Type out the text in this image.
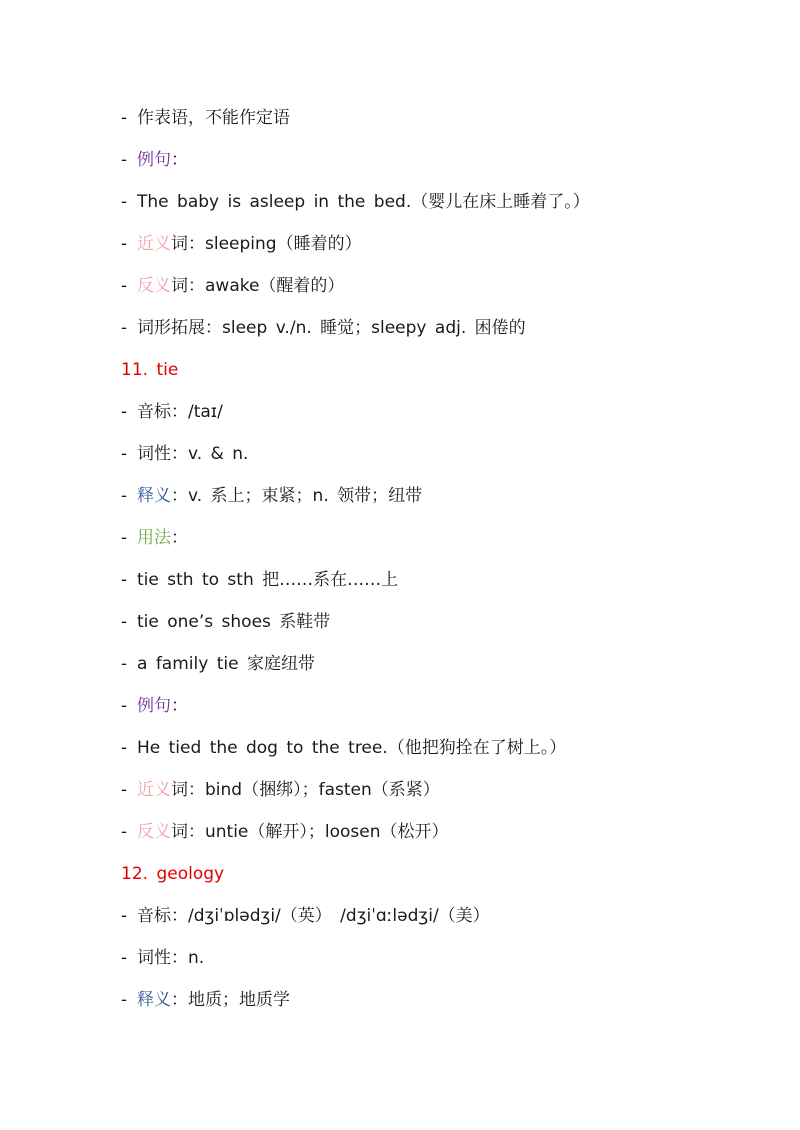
- 作表语，不能作定语
- 例句：
- The baby is asleep in the bed.（婴儿在床上睡着了。）
- 近义词：sleeping（睡着的）
- 反义词：awake（醒着的）
- 词形拓展：sleep v./n. 睡觉；sleepy adj. 困倦的
11. tie
- 音标：/taɪ/
- 词性：v. & n.
- 释义：v. 系上；束紧；n. 领带；纽带
- 用法：
- tie sth to sth 把……系在……上
- tie one’s shoes 系鞋带
- a family tie 家庭纽带
- 例句：
- He tied the dog to the tree.（他把狗拴在了树上。）
- 近义词：bind（捆绑）；fasten（系紧）
- 反义词：untie（解开）；loosen（松开）
12. geology
- 音标：/dʒiˈɒlədʒi/（英） /dʒiˈɑːlədʒi/（美）
- 词性：n.
- 释义：地质；地质学
